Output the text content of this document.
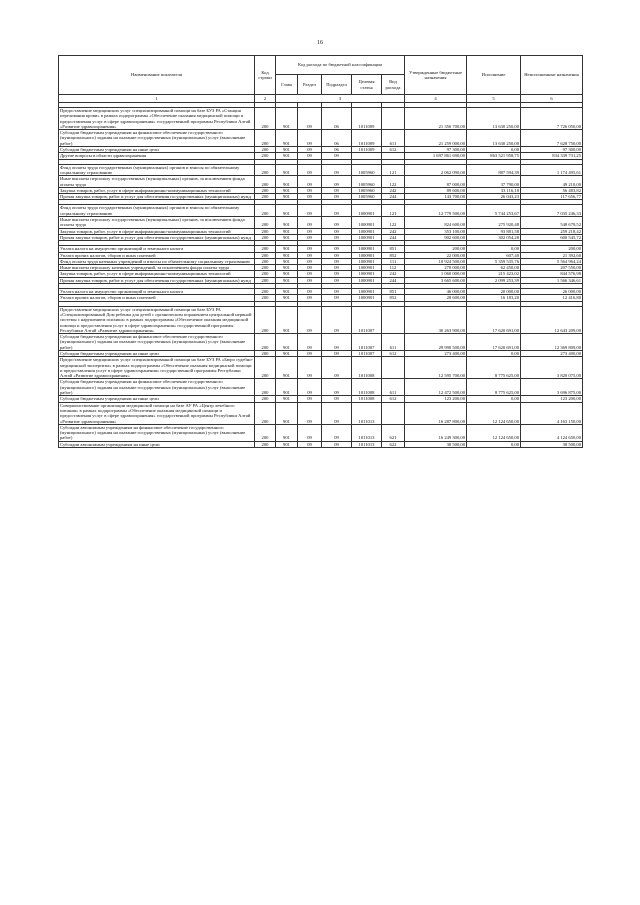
16
Наименование показателя	Код строки	Код расхода по бюджетной классификации					Утвержденные бюджетные назначения	Исполнение	Неисполненные назначения
		Глава	Раздел	Подраздел	Целевая статья	Вид расхода			
1	2	3					4	5	6

Предоставление медицинских услуг специализированной помощи на базе БУЗ РА «Станция переливания крови» в рамках подпрограммы «Обеспечение оказания медицинской помощи и предоставления услуг в сфере здравоохранения» государственной программы Республики Алтай «Развитие здравоохранения»	200	901	09	06	1011009		21 356 700,00	13 630 250,00	7 726 050,00
Субсидии бюджетным учреждениям на финансовое обеспечение государственного (муниципального) задания на оказание государственных (муниципальных) услуг (выполнение работ)	200	901	09	06	1011009	611	21 259 000,00	13 630 250,00	7 628 750,00
Субсидии бюджетным учреждениям на иные цели	200	901	09	06	1011009	612	97 300,00	0,00	97 300,00
Другие вопросы в области здравоохранения	200	901	09	09			1 697 861 690,00	863 521 958,75	834 339 731,25

Фонд оплаты труда государственных (муниципальных) органов и взносы по обязательному социальному страхованию	200	901	09	09	1005960	121	2 062 090,00	887 594,39	1 174 495,61
Иные выплаты персоналу государственных (муниципальных) органов, за исключением фонда оплаты труда	200	901	09	09	1005960	122	87 000,00	37 790,00	49 210,00
Закупка товаров, работ, услуг в сфере информационно-коммуникационных технологий	200	901	09	09	1005960	242	89 600,00	33 116,18	56 483,82
Прочая закупка товаров, работ и услуг для обеспечения государственных (муниципальных) нужд	200	901	09	09	1005960	244	143 700,00	26 043,23	117 656,77

Фонд оплаты труда государственных (муниципальных) органов и взносы по обязательному социальному страхованию	200	901	09	09	1000901	121	12 779 500,00	5 744 253,67	7 035 246,33
Иные выплаты персоналу государственных (муниципальных) органов, за исключением фонда оплаты труда	200	901	09	09	1000901	122	824 600,00	275 920,48	548 679,52
Закупка товаров, работ, услуг в сфере информационно-коммуникационных технологий	200	901	09	09	1000901	242	353 100,00	93 881,58	259 218,42
Прочая закупка товаров, работ и услуг для обеспечения государственных (муниципальных) нужд	200	901	09	09	1000901	244	902 600,00	302 054,28	600 545,72

Уплата налога на имущество организаций и земельного налога	200	901	09	09	1000901	851	200,00	0,00	200,00
Уплата прочих налогов, сборов и иных платежей	200	901	09	09	1000901	852	22 000,00	607,40	21 392,60
Фонд оплаты труда казенных учреждений и взносы по обязательному социальному страхованию	200	901	09	09	1000901	111	10 924 500,00	5 359 535,76	5 564 964,24
Иные выплаты персоналу казенных учреждений, за исключением фонда оплаты труда	200	901	09	09	1000901	112	270 000,00	62 450,00	207 550,00
Закупка товаров, работ, услуг в сфере информационно-коммуникационных технологий	200	901	09	09	1000901	242	1 060 000,00	215 423,02	844 576,98
Прочая закупка товаров, работ и услуг для обеспечения государственных (муниципальных) нужд	200	901	09	09	1000901	244	3 665 600,00	2 099 253,39	1 566 346,61

Уплата налога на имущество организаций и земельного налога	200	901	09	09	1000901	851	46 000,00	20 000,00	26 000,00
Уплата прочих налогов, сборов и иных платежей	200	901	09	09	1000901	852	28 600,00	16 183,20	12 416,80

Предоставление медицинских услуг специализированной помощи на базе БУЗ РА «Специализированный Дом ребенка для детей с органическим поражением центральной нервной системы с нарушением психики» в рамках подпрограммы «Обеспечение оказания медицинской помощи и предоставления услуг в сфере здравоохранения» государственной программы Республики Алтай «Развитие здравоохранения»	200	901	09	09	1011007		30 263 900,00	17 620 691,00	12 643 209,00
Субсидии бюджетным учреждениям на финансовое обеспечение государственного (муниципального) задания на оказание государственных (муниципальных) услуг (выполнение работ)	200	901	09	09	1011007	611	29 990 500,00	17 620 691,00	12 369 809,00
Субсидии бюджетным учреждениям на иные цели	200	901	09	09	1011007	612	273 400,00	0,00	273 400,00
Предоставление медицинских услуг специализированной помощи на базе БУЗ РА «Бюро судебно-медицинской экспертизы» в рамках подпрограммы «Обеспечение оказания медицинской помощи и предоставления услуг в сфере здравоохранения» государственной программы Республики Алтай «Развитие здравоохранения»	200	901	09	09	1011008		12 595 700,00	8 775 625,00	3 820 075,00
Субсидии бюджетным учреждениям на финансовое обеспечение государственного (муниципального) задания на оказание государственных (муниципальных) услуг (выполнение работ)	200	901	09	09	1011008	611	12 472 500,00	8 775 625,00	3 696 875,00
Субсидии бюджетным учреждениям на иные цели	200	901	09	09	1011008	612	123 200,00	0,00	123 200,00
Совершенствование организации медицинской помощи на базе АУ РА «Центр лечебного питания» в рамках подпрограммы «Обеспечение оказания медицинской помощи и предоставления услуг в сфере здравоохранения» государственной программы Республики Алтай «Развитие здравоохранения»	200	901	09	09	1011013		16 287 800,00	12 124 650,00	4 163 150,00
Субсидии автономным учреждениям на финансовое обеспечение государственного (муниципального) задания на оказание государственных (муниципальных) услуг (выполнение работ)	200	901	09	09	1011013	621	16 249 300,00	12 124 650,00	4 124 650,00
Субсидии автономным учреждениям на иные цели	200	901	09	09	1011013	622	38 500,00	0,00	38 500,00
